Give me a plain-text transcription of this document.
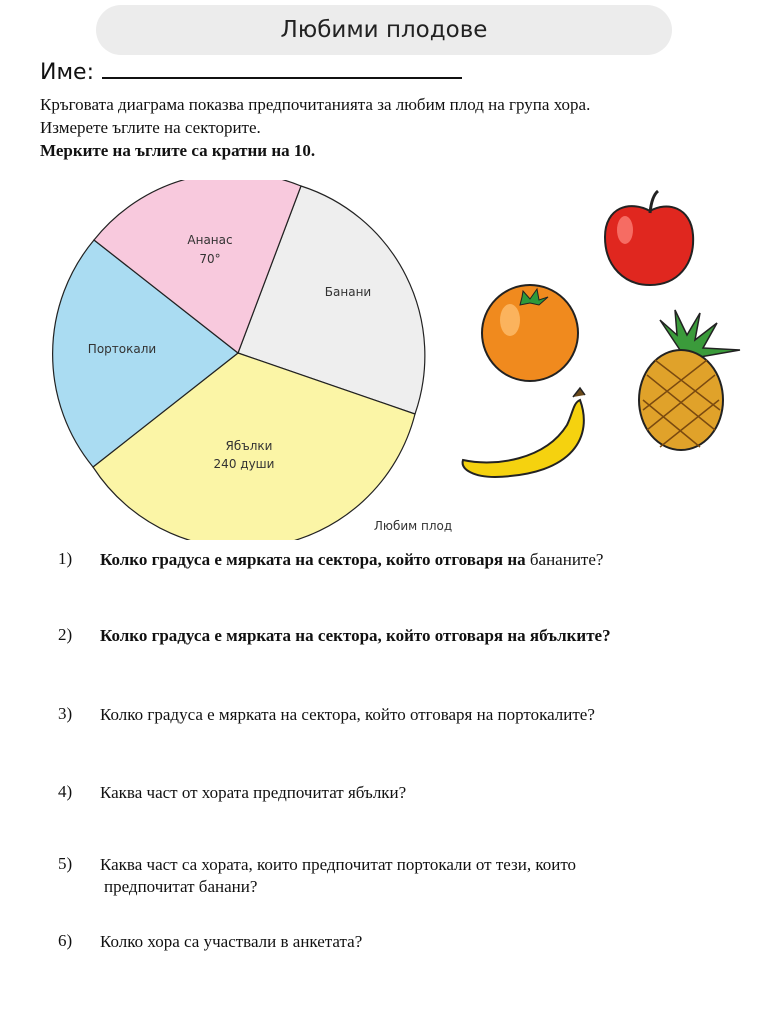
Любими плодове
Име:
Кръговата диаграма показва предпочитанията за любим плод на група хора.
Измерете ъглите на секторите.
Мерките на ъглите са кратни на 10.
Ананас
70°
Банани
Портокали
Ябълки
240 души
Любим плод
1)	Колко градуса е мярката на сектора, който отговаря на бананите?
2)	Колко градуса е мярката на сектора, който отговаря на ябълките?
3)	Колко градуса е мярката на сектора, който отговаря на портокалите?
4)	Каква част от хората предпочитат ябълки?
5)	Каква част са хората, които предпочитат портокали от тези, които
предпочитат банани?
6)	Колко хора са участвали в анкетата?
